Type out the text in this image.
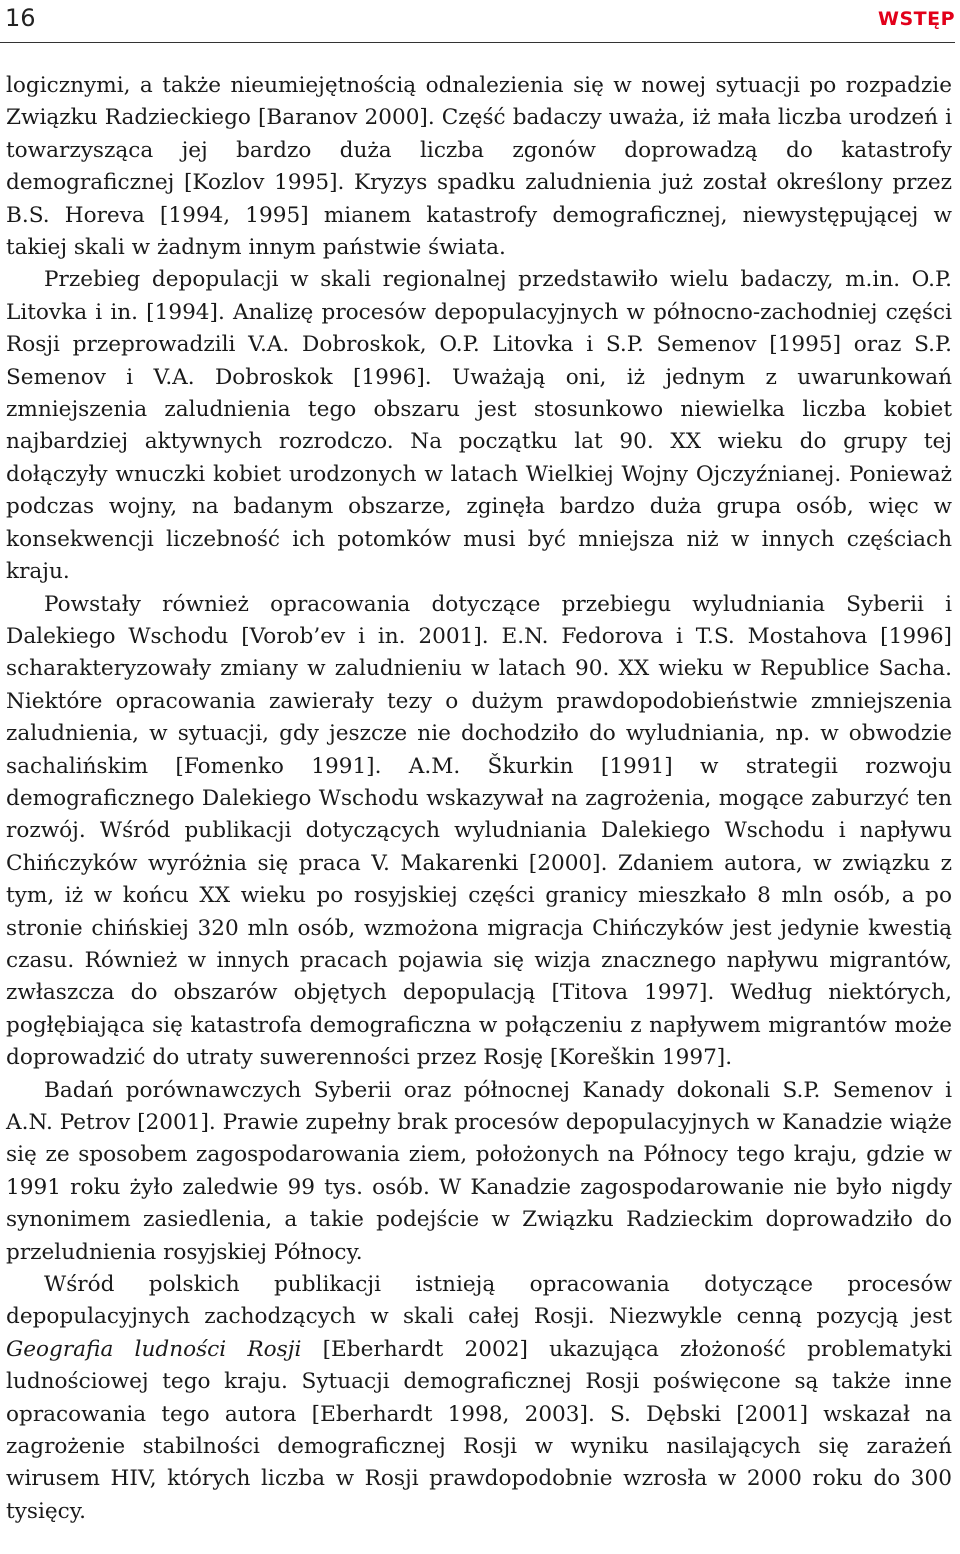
16	WSTĘP

logicznymi, a także nieumiejętnością odnalezienia się w nowej sytuacji po rozpadzie Związku Radzieckiego [Baranov 2000]. Część badaczy uważa, iż mała liczba urodzeń i towarzysząca jej bardzo duża liczba zgonów doprowadzą do katastrofy demograficznej [Kozlov 1995]. Kryzys spadku zaludnienia już został określony przez B.S. Horeva [1994, 1995] mianem katastrofy demograficznej, niewystępującej w takiej skali w żadnym innym państwie świata.

Przebieg depopulacji w skali regionalnej przedstawiło wielu badaczy, m.in. O.P. Litovka i in. [1994]. Analizę procesów depopulacyjnych w północno-zachodniej części Rosji przeprowadzili V.A. Dobroskok, O.P. Litovka i S.P. Semenov [1995] oraz S.P. Semenov i V.A. Dobroskok [1996]. Uważają oni, iż jednym z uwarunkowań zmniejszenia zaludnienia tego obszaru jest stosunkowo niewielka liczba kobiet najbardziej aktywnych rozrodczo. Na początku lat 90. XX wieku do grupy tej dołączyły wnuczki kobiet urodzonych w latach Wielkiej Wojny Ojczyźnianej. Ponieważ podczas wojny, na badanym obszarze, zginęła bardzo duża grupa osób, więc w konsekwencji liczebność ich potomków musi być mniejsza niż w innych częściach kraju.

Powstały również opracowania dotyczące przebiegu wyludniania Syberii i Dalekiego Wschodu [Vorob’ev i in. 2001]. E.N. Fedorova i T.S. Mostahova [1996] scharakteryzowały zmiany w zaludnieniu w latach 90. XX wieku w Republice Sacha. Niektóre opracowania zawierały tezy o dużym prawdopodobieństwie zmniejszenia zaludnienia, w sytuacji, gdy jeszcze nie dochodziło do wyludniania, np. w obwodzie sachalińskim [Fomenko 1991]. A.M. Škurkin [1991] w strategii rozwoju demograficznego Dalekiego Wschodu wskazywał na zagrożenia, mogące zaburzyć ten rozwój. Wśród publikacji dotyczących wyludniania Dalekiego Wschodu i napływu Chińczyków wyróżnia się praca V. Makarenki [2000]. Zdaniem autora, w związku z tym, iż w końcu XX wieku po rosyjskiej części granicy mieszkało 8 mln osób, a po stronie chińskiej 320 mln osób, wzmożona migracja Chińczyków jest jedynie kwestią czasu. Również w innych pracach pojawia się wizja znacznego napływu migrantów, zwłaszcza do obszarów objętych depopulacją [Titova 1997]. Według niektórych, pogłębiająca się katastrofa demograficzna w połączeniu z napływem migrantów może doprowadzić do utraty suwerenności przez Rosję [Koreškin 1997].

Badań porównawczych Syberii oraz północnej Kanady dokonali S.P. Semenov i A.N. Petrov [2001]. Prawie zupełny brak procesów depopulacyjnych w Kanadzie wiąże się ze sposobem zagospodarowania ziem, położonych na Północy tego kraju, gdzie w 1991 roku żyło zaledwie 99 tys. osób. W Kanadzie zagospodarowanie nie było nigdy synonimem zasiedlenia, a takie podejście w Związku Radzieckim doprowadziło do przeludnienia rosyjskiej Północy.

Wśród polskich publikacji istnieją opracowania dotyczące procesów depopulacyjnych zachodzących w skali całej Rosji. Niezwykle cenną pozycją jest Geografia ludności Rosji [Eberhardt 2002] ukazująca złożoność problematyki ludnościowej tego kraju. Sytuacji demograficznej Rosji poświęcone są także inne opracowania tego autora [Eberhardt 1998, 2003]. S. Dębski [2001] wskazał na zagrożenie stabilności demograficznej Rosji w wyniku nasilających się zarażeń wirusem HIV, których liczba w Rosji prawdopodobnie wzrosła w 2000 roku do 300 tysięcy.
